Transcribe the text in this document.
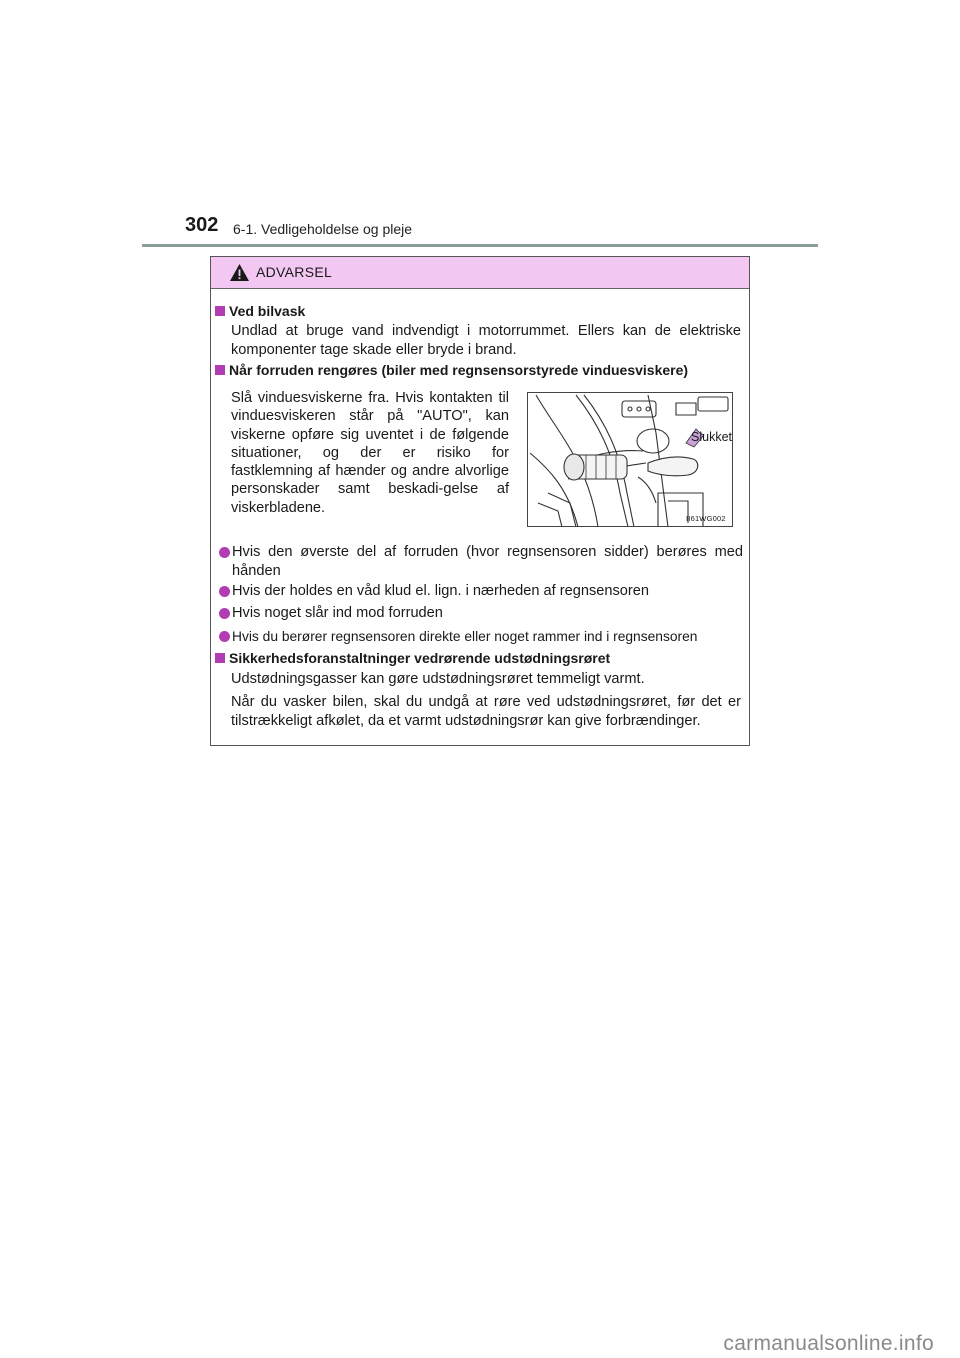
302 6-1. Vedligeholdelse og pleje
ADVARSEL
Ved bilvask
Undlad at bruge vand indvendigt i motorrummet. Ellers kan de elektriske komponenter tage skade eller bryde i brand.
Når forruden rengøres (biler med regnsensorstyrede vinduesviskere)
Slå vinduesviskerne fra. Hvis kontakten til vinduesviskeren står på "AUTO", kan viskerne opføre sig uventet i de følgende situationer, og der er risiko for fastklemning af hænder og andre alvorlige personskader samt beskadi-gelse af viskerbladene.
Slukket
II61WG002
Hvis den øverste del af forruden (hvor regnsensoren sidder) berøres med hånden
Hvis der holdes en våd klud el. lign. i nærheden af regnsensoren
Hvis noget slår ind mod forruden
Hvis du berører regnsensoren direkte eller noget rammer ind i regnsensoren
Sikkerhedsforanstaltninger vedrørende udstødningsrøret
Udstødningsgasser kan gøre udstødningsrøret temmeligt varmt.
Når du vasker bilen, skal du undgå at røre ved udstødningsrøret, før det er tilstrækkeligt afkølet, da et varmt udstødningsrør kan give forbrændinger.
carmanualsonline.info
